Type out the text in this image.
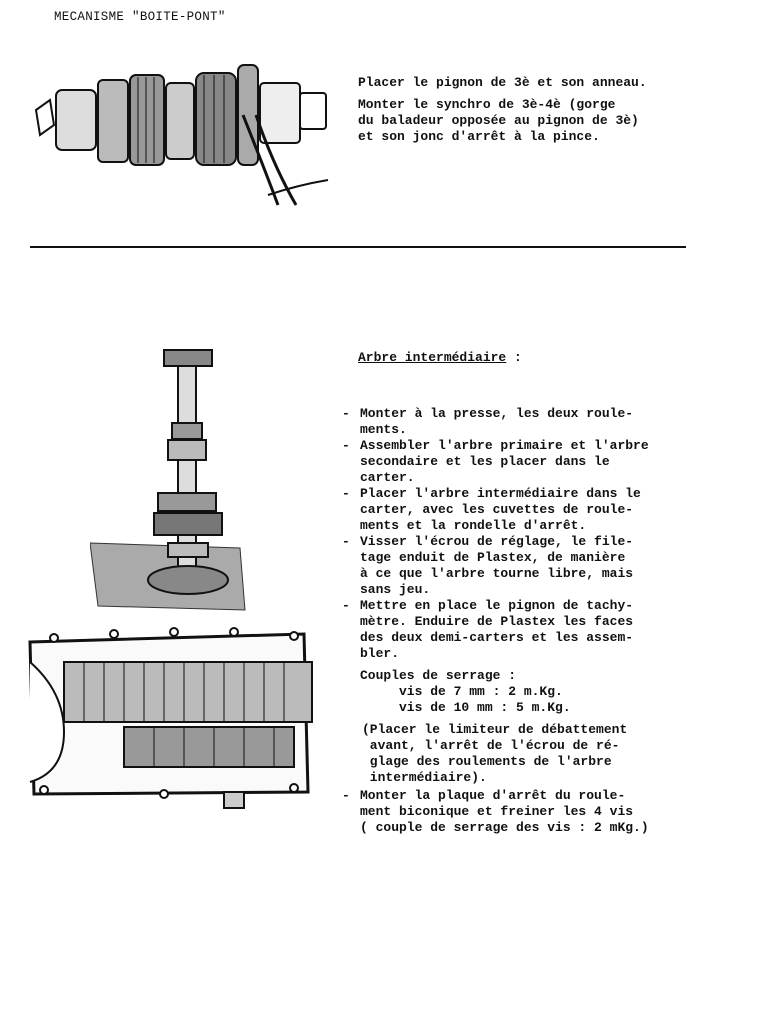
MECANISME "BOITE-PONT"
Placer le pignon de 3è et son anneau.
Monter le synchro de 3è-4è (gorge
du baladeur opposée au pignon de 3è)
et son jonc d'arrêt à la pince.
Arbre intermédiaire :
- Monter à la presse, les deux roule-
ments.
- Assembler l'arbre primaire et l'arbre
secondaire et les placer dans le
carter.
- Placer l'arbre intermédiaire dans le
carter, avec les cuvettes de roule-
ments et la rondelle d'arrêt.
- Visser l'écrou de réglage, le file-
tage enduit de Plastex, de manière
à ce que l'arbre tourne libre, mais
sans jeu.
- Mettre en place le pignon de tachy-
mètre. Enduire de Plastex les faces
des deux demi-carters et les assem-
bler.
Couples de serrage :
vis de 7 mm : 2 m.Kg.
vis de 10 mm : 5 m.Kg.
(Placer le limiteur de débattement
avant, l'arrêt de l'écrou de ré-
glage des roulements de l'arbre
intermédiaire).
- Monter la plaque d'arrêt du roule-
ment biconique et freiner les 4 vis
( couple de serrage des vis : 2 mKg.)
